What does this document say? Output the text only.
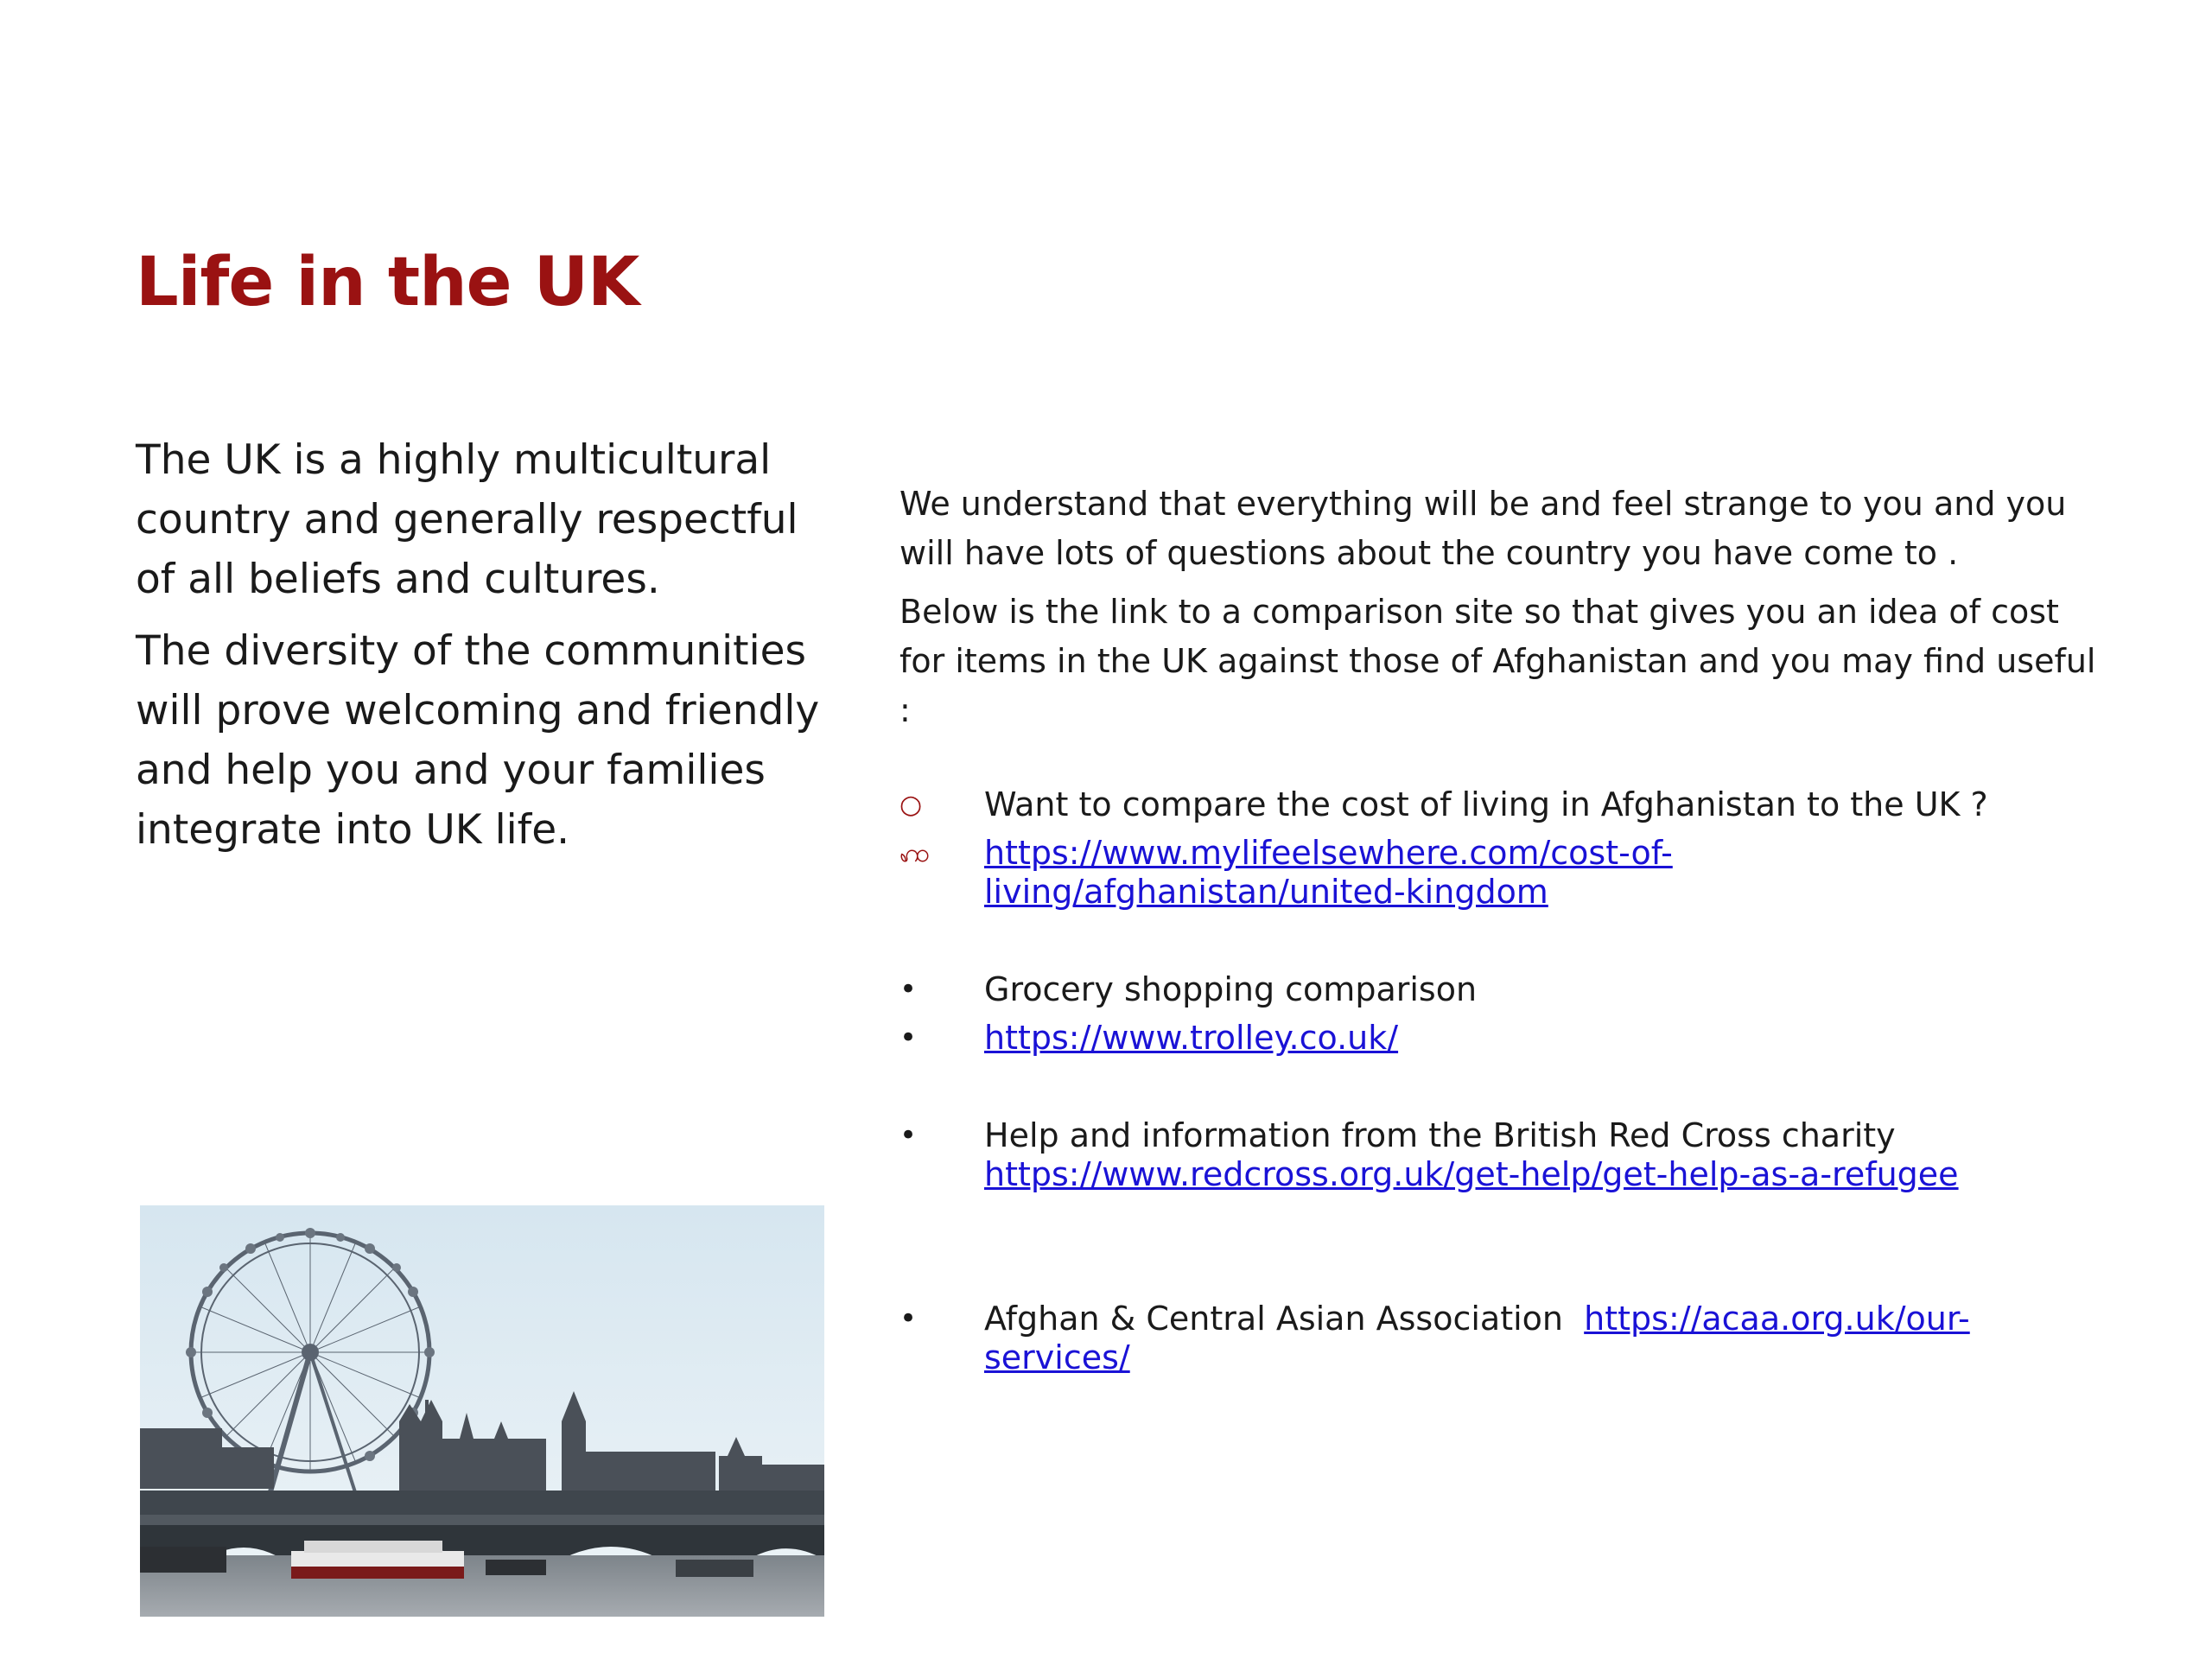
Life in the UK

The UK is a highly multicultural country and generally respectful of all beliefs and cultures.

The diversity of the communities will prove welcoming and friendly and help you and your families integrate into UK life.

We understand that everything will be and feel strange to you and you will have lots of questions about the country you have come to .

Below is the link to a comparison site so that gives you an idea of cost for items in the UK against those of Afghanistan and you may find useful :

○	Want to compare the cost of living in Afghanistan to the UK ?
ꩲ https://www.mylifeelsewhere.com/cost-of-living/afghanistan/united-kingdom
•	Grocery shopping comparison
•	https://www.trolley.co.uk/
•	Help and information from the British Red Cross charity
https://www.redcross.org.uk/get-help/get-help-as-a-refugee
•	Afghan & Central Asian Association https://acaa.org.uk/our-services/
